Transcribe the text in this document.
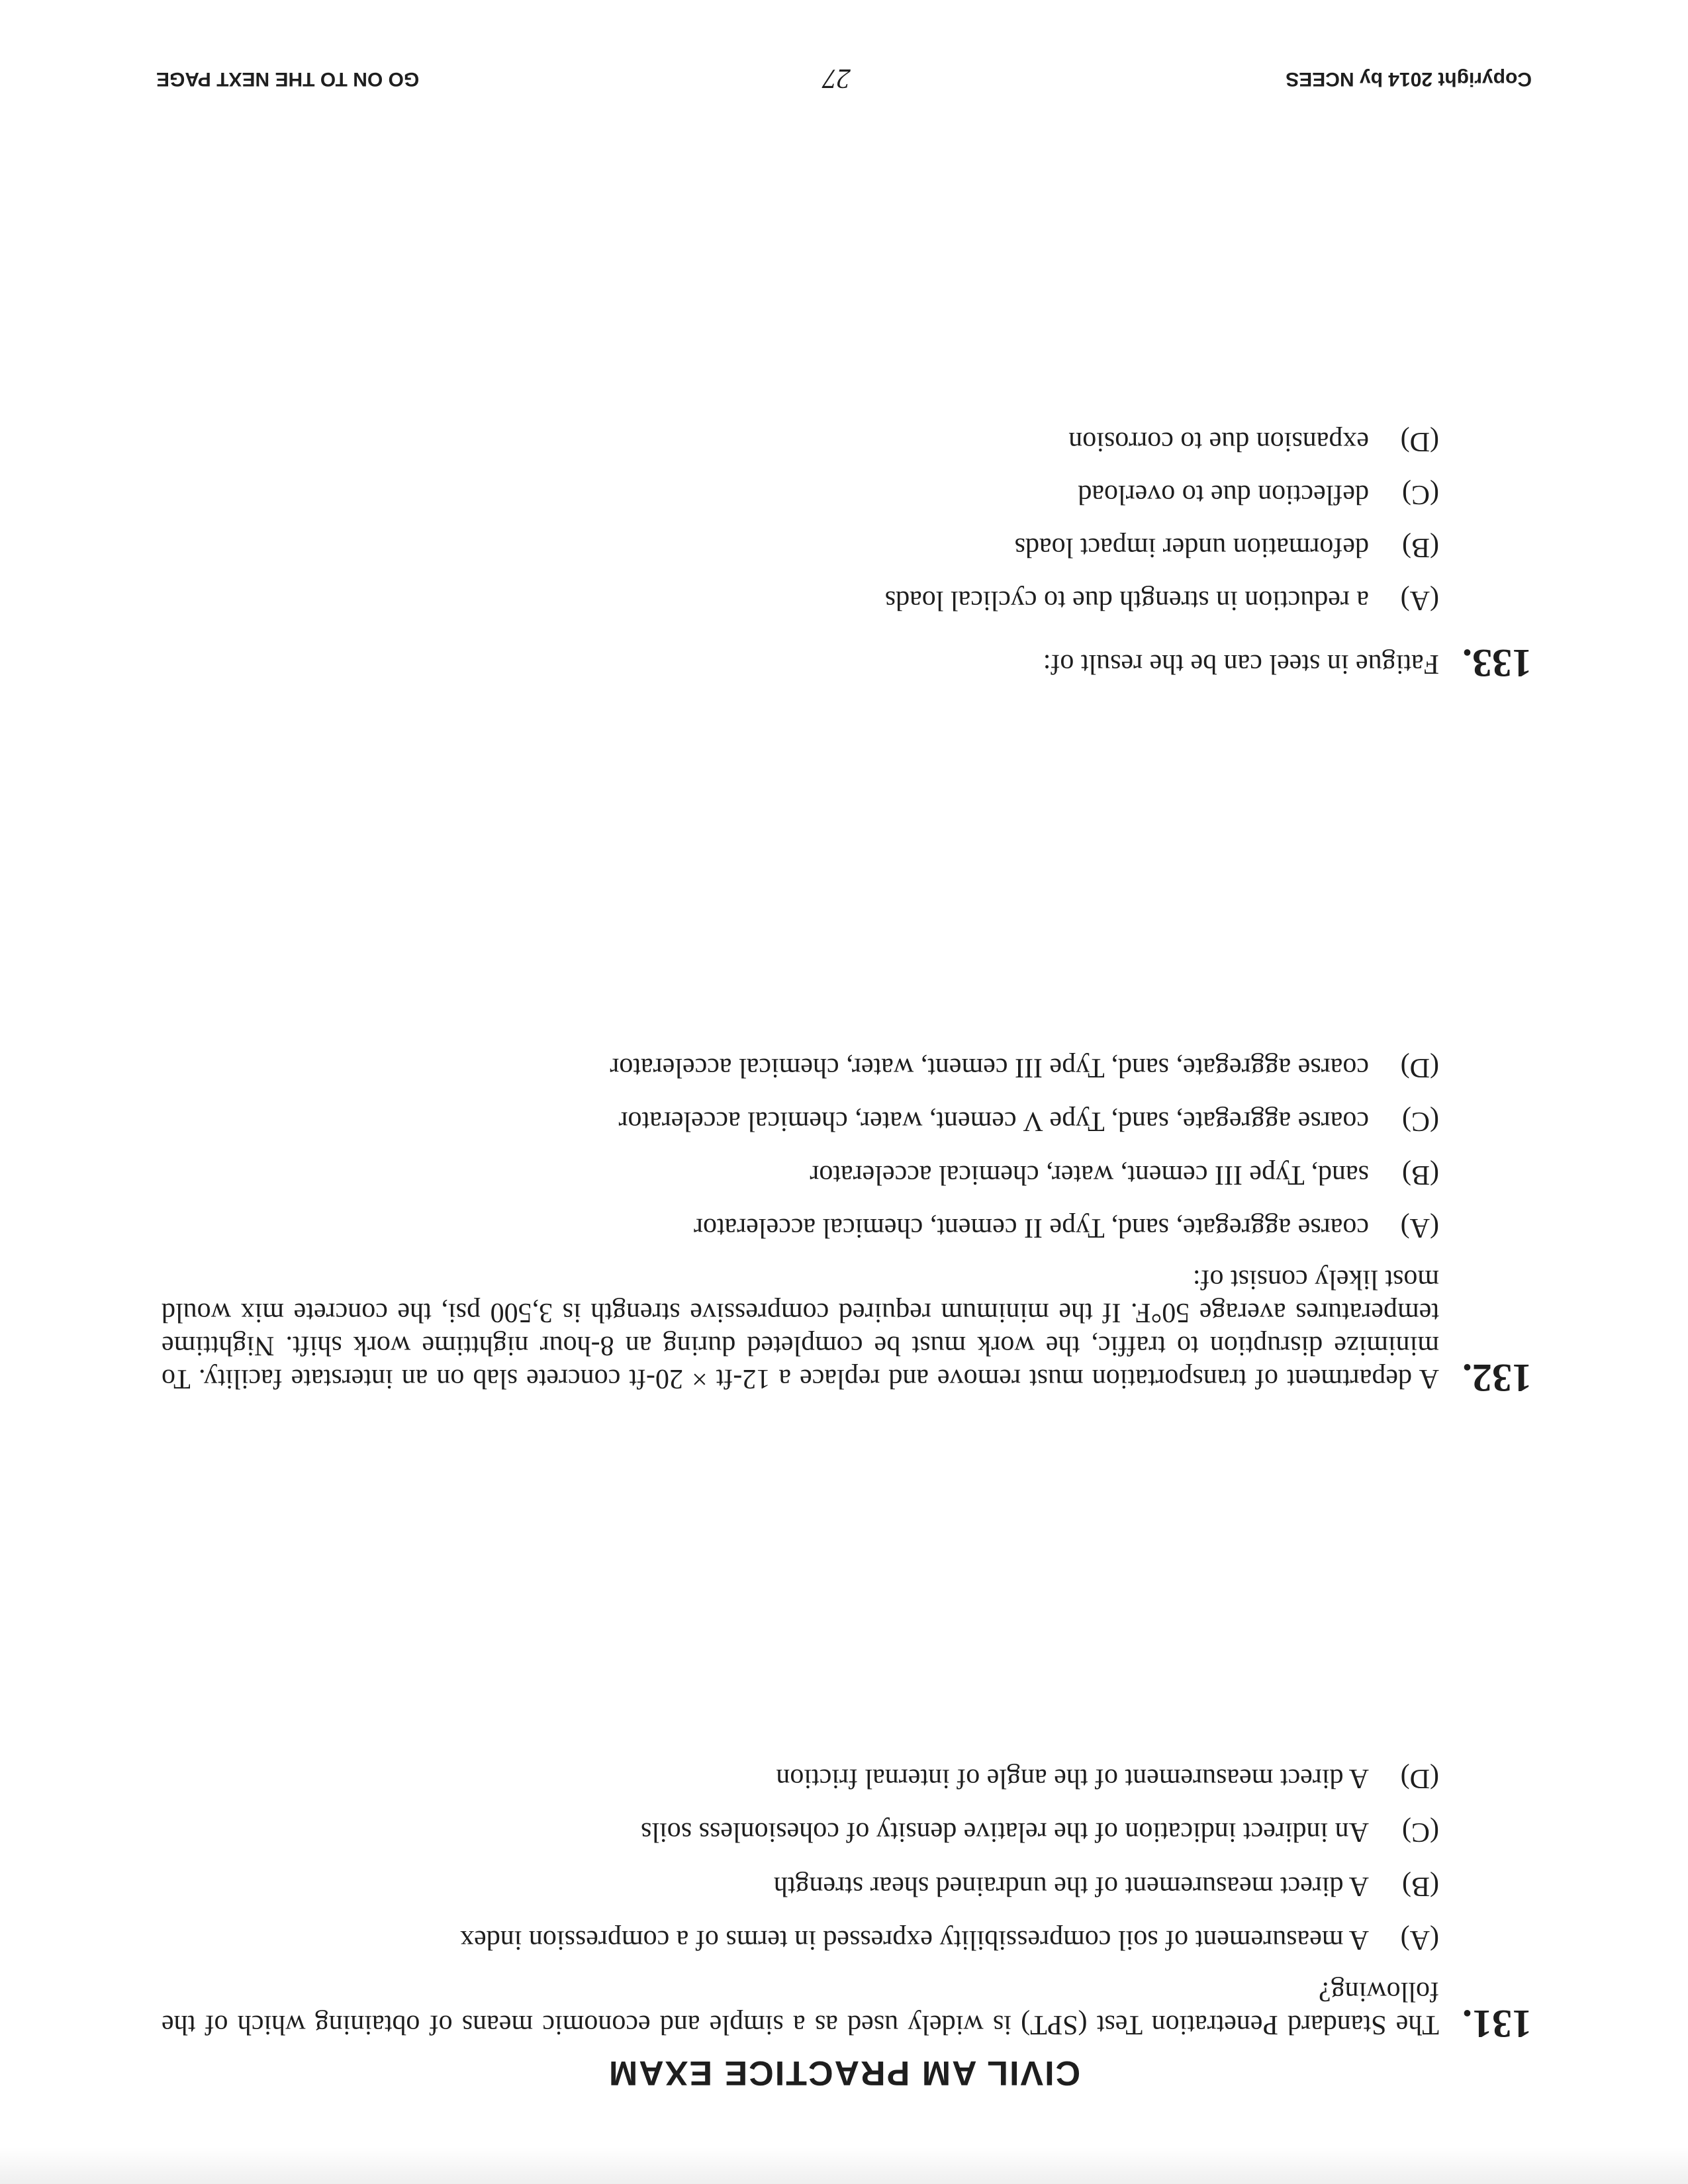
CIVIL AM PRACTICE EXAM
131.

The Standard Penetration Test (SPT) is widely used as a simple and economic means of obtaining which of the following?

(A)
A measurement of soil compressibility expressed in terms of a compression index
(B)
A direct measurement of the undrained shear strength
(C)
An indirect indication of the relative density of cohesionless soils
(D)
A direct measurement of the angle of internal friction
132.

A department of transportation must remove and replace a 12-ft × 20-ft concrete slab on an interstate facility. To minimize disruption to traffic, the work must be completed during an 8-hour nighttime work shift. Nighttime temperatures average 50°F. If the minimum required compressive strength is 3,500 psi, the concrete mix would most likely consist of:

(A)
coarse aggregate, sand, Type II cement, chemical accelerator
(B)
sand, Type III cement, water, chemical accelerator
(C)
coarse aggregate, sand, Type V cement, water, chemical accelerator
(D)
coarse aggregate, sand, Type III cement, water, chemical accelerator
133.

Fatigue in steel can be the result of:

(A)
a reduction in strength due to cyclical loads
(B)
deformation under impact loads
(C)
deflection due to overload
(D)
expansion due to corrosion
Copyright 2014 by NCEES
27
GO ON TO THE NEXT PAGE
